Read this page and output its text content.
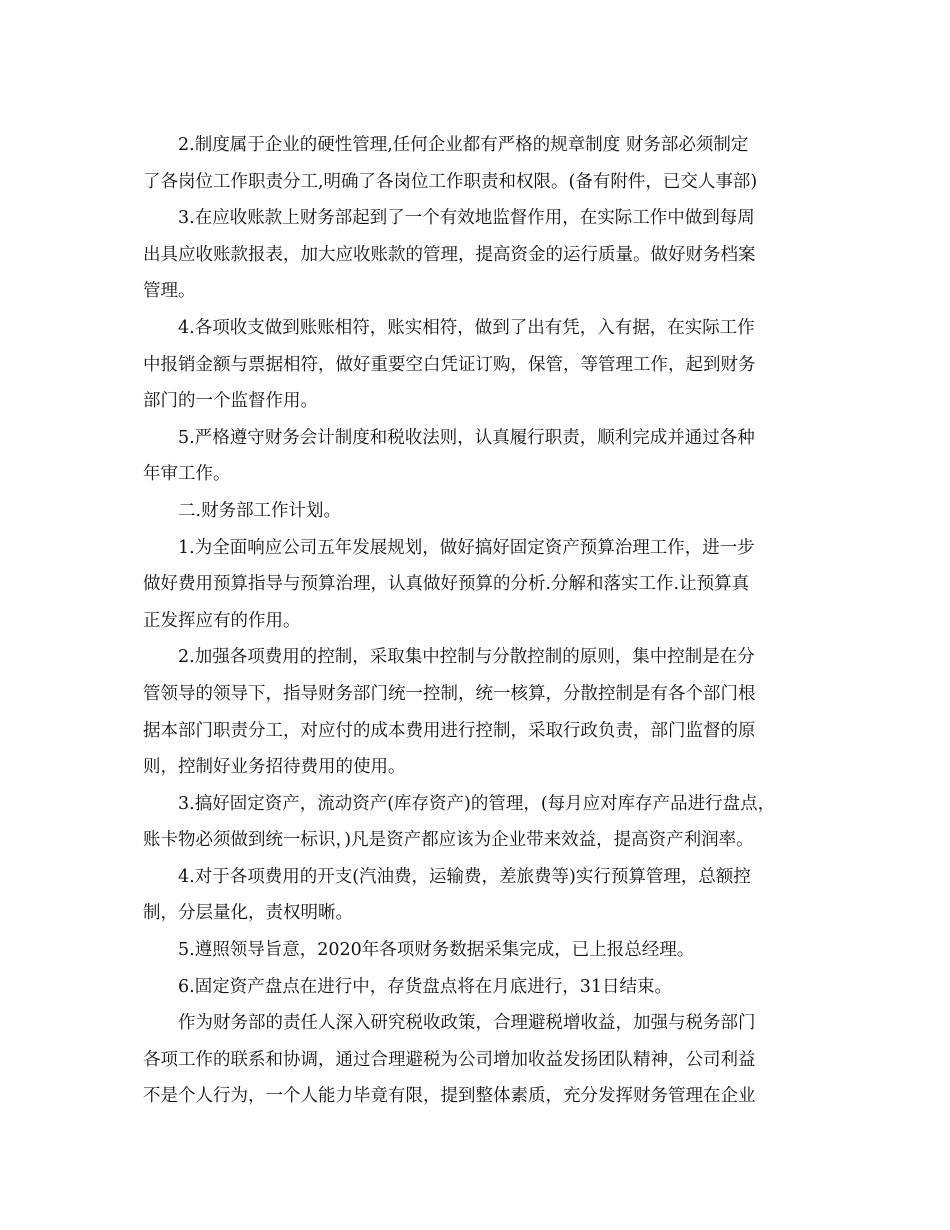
2.制度属于企业的硬性管理,任何企业都有严格的规章制度 财务部必须制定
了各岗位工作职责分工,明确了各岗位工作职责和权限。(备有附件，已交人事部)
3.在应收账款上财务部起到了一个有效地监督作用，在实际工作中做到每周
出具应收账款报表，加大应收账款的管理，提高资金的运行质量。做好财务档案
管理。
4.各项收支做到账账相符，账实相符，做到了出有凭，入有据，在实际工作
中报销金额与票据相符，做好重要空白凭证订购，保管，等管理工作，起到财务
部门的一个监督作用。
5.严格遵守财务会计制度和税收法则，认真履行职责，顺利完成并通过各种
年审工作。
二.财务部工作计划。
1.为全面响应公司五年发展规划，做好搞好固定资产预算治理工作，进一步
做好费用预算指导与预算治理，认真做好预算的分析.分解和落实工作.让预算真
正发挥应有的作用。
2.加强各项费用的控制，采取集中控制与分散控制的原则，集中控制是在分
管领导的领导下，指导财务部门统一控制，统一核算，分散控制是有各个部门根
据本部门职责分工，对应付的成本费用进行控制，采取行政负责，部门监督的原
则，控制好业务招待费用的使用。
3.搞好固定资产，流动资产(库存资产)的管理，(每月应对库存产品进行盘点，
账卡物必须做到统一标识，)凡是资产都应该为企业带来效益，提高资产利润率。
4.对于各项费用的开支(汽油费，运输费，差旅费等)实行预算管理，总额控
制，分层量化，责权明晰。
5.遵照领导旨意，2020年各项财务数据采集完成，已上报总经理。
6.固定资产盘点在进行中，存货盘点将在月底进行，31日结束。
作为财务部的责任人深入研究税收政策，合理避税增收益，加强与税务部门
各项工作的联系和协调，通过合理避税为公司增加收益发扬团队精神，公司利益
不是个人行为，一个人能力毕竟有限，提到整体素质，充分发挥财务管理在企业
